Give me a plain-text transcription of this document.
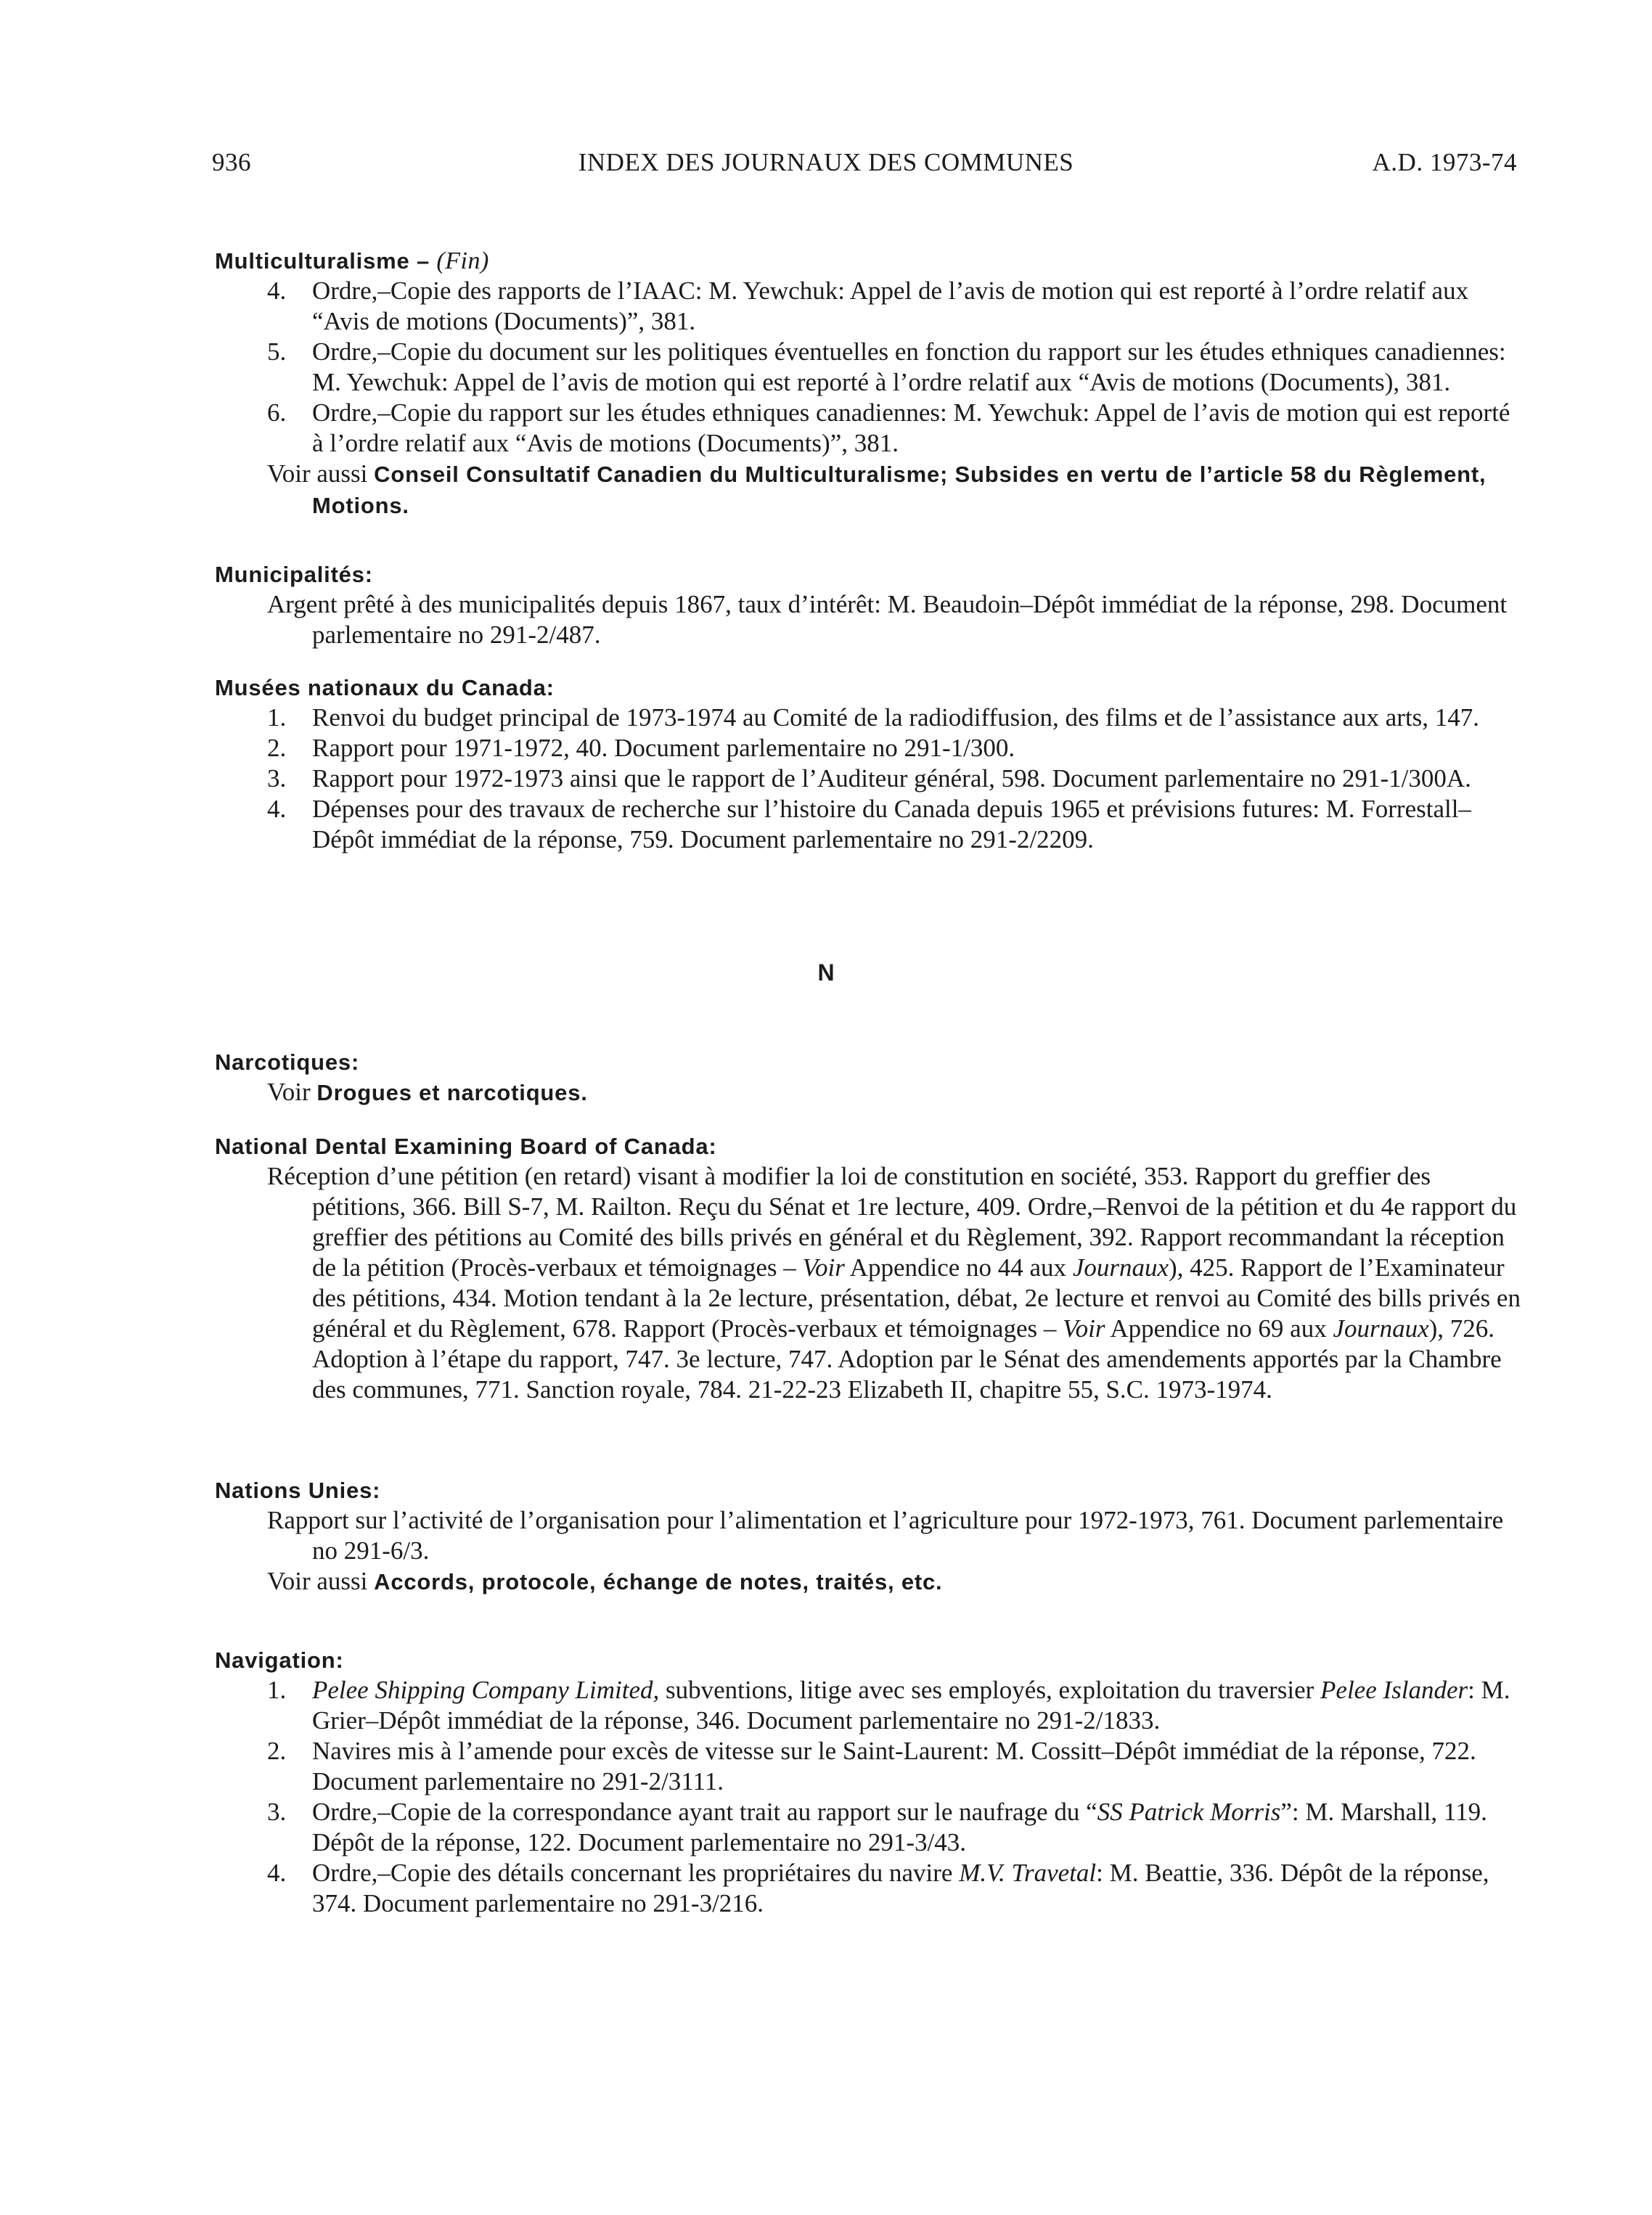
INDEX DES JOURNAUX DES COMMUNES
936	A.D. 1973-74
Multiculturalisme – (Fin)
4. Ordre,–Copie des rapports de l’IAAC: M. Yewchuk: Appel de l’avis de motion qui est reporté à l’ordre relatif aux “Avis de motions (Documents)”, 381.
5. Ordre,–Copie du document sur les politiques éventuelles en fonction du rapport sur les études ethniques canadiennes: M. Yewchuk: Appel de l’avis de motion qui est reporté à l’ordre relatif aux “Avis de motions (Documents), 381.
6. Ordre,–Copie du rapport sur les études ethniques canadiennes: M. Yewchuk: Appel de l’avis de motion qui est reporté à l’ordre relatif aux “Avis de motions (Documents)”, 381.
Voir aussi Conseil Consultatif Canadien du Multiculturalisme; Subsides en vertu de l’article 58 du Règlement, Motions.
Municipalités:
Argent prêté à des municipalités depuis 1867, taux d’intérêt: M. Beaudoin–Dépôt immédiat de la réponse, 298. Document parlementaire no 291-2/487.
Musées nationaux du Canada:
1. Renvoi du budget principal de 1973-1974 au Comité de la radiodiffusion, des films et de l’assistance aux arts, 147.
2. Rapport pour 1971-1972, 40. Document parlementaire no 291-1/300.
3. Rapport pour 1972-1973 ainsi que le rapport de l’Auditeur général, 598. Document parlementaire no 291-1/300A.
4. Dépenses pour des travaux de recherche sur l’histoire du Canada depuis 1965 et prévisions futures: M. Forrestall–Dépôt immédiat de la réponse, 759. Document parlementaire no 291-2/2209.
N
Narcotiques:
Voir Drogues et narcotiques.
National Dental Examining Board of Canada:
Réception d’une pétition (en retard) visant à modifier la loi de constitution en société, 353. Rapport du greffier des pétitions, 366. Bill S-7, M. Railton. Reçu du Sénat et 1re lecture, 409. Ordre,–Renvoi de la pétition et du 4e rapport du greffier des pétitions au Comité des bills privés en général et du Règlement, 392. Rapport recommandant la réception de la pétition (Procès-verbaux et témoignages – Voir Appendice no 44 aux Journaux), 425. Rapport de l’Examinateur des pétitions, 434. Motion tendant à la 2e lecture, présentation, débat, 2e lecture et renvoi au Comité des bills privés en général et du Règlement, 678. Rapport (Procès-verbaux et témoignages – Voir Appendice no 69 aux Journaux), 726. Adoption à l’étape du rapport, 747. 3e lecture, 747. Adoption par le Sénat des amendements apportés par la Chambre des communes, 771. Sanction royale, 784. 21-22-23 Elizabeth II, chapitre 55, S.C. 1973-1974.
Nations Unies:
Rapport sur l’activité de l’organisation pour l’alimentation et l’agriculture pour 1972-1973, 761. Document parlementaire no 291-6/3.
Voir aussi Accords, protocole, échange de notes, traités, etc.
Navigation:
1. Pelee Shipping Company Limited, subventions, litige avec ses employés, exploitation du traversier Pelee Islander: M. Grier–Dépôt immédiat de la réponse, 346. Document parlementaire no 291-2/1833.
2. Navires mis à l’amende pour excès de vitesse sur le Saint-Laurent: M. Cossitt–Dépôt immédiat de la réponse, 722. Document parlementaire no 291-2/3111.
3. Ordre,–Copie de la correspondance ayant trait au rapport sur le naufrage du “SS Patrick Morris”: M. Marshall, 119. Dépôt de la réponse, 122. Document parlementaire no 291-3/43.
4. Ordre,–Copie des détails concernant les propriétaires du navire M.V. Travetal: M. Beattie, 336. Dépôt de la réponse, 374. Document parlementaire no 291-3/216.
